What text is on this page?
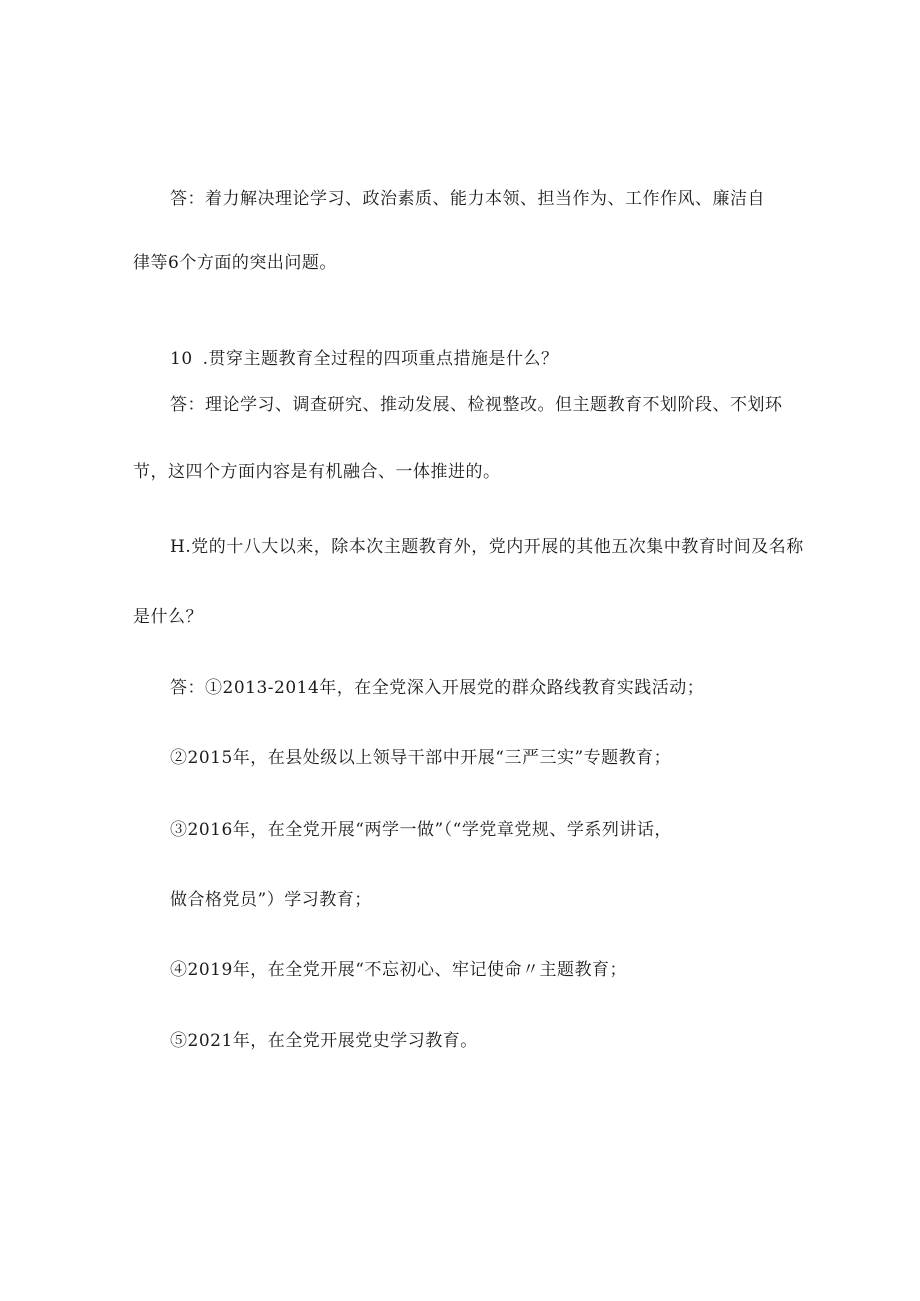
答：着力解决理论学习、政治素质、能力本领、担当作为、工作作风、廉洁自
律等6个方面的突出问题。
10 .贯穿主题教育全过程的四项重点措施是什么？
答：理论学习、调查研究、推动发展、检视整改。但主题教育不划阶段、不划环
节，这四个方面内容是有机融合、一体推进的。
H.党的十八大以来，除本次主题教育外，党内开展的其他五次集中教育时间及名称
是什么？
答：①2013-2014年，在全党深入开展党的群众路线教育实践活动；
②2015年，在县处级以上领导干部中开展“三严三实”专题教育；
③2016年，在全党开展“两学一做”（“学党章党规、学系列讲话，
做合格党员”）学习教育；
④2019年，在全党开展“不忘初心、牢记使命〃主题教育；
⑤2021年，在全党开展党史学习教育。
